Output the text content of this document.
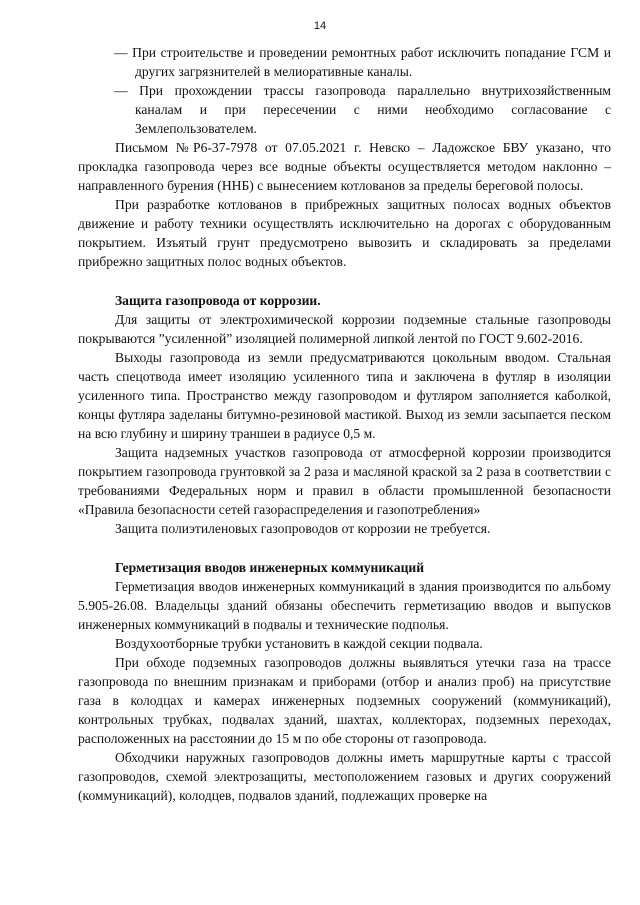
14
— При строительстве и проведении ремонтных работ исключить попадание ГСМ и других загрязнителей в мелиоративные каналы.
— При прохождении трассы газопровода параллельно внутрихозяйственным каналам и при пересечении с ними необходимо согласование с Землепользователем.
Письмом №Р6-37-7978 от 07.05.2021 г. Невско – Ладожское БВУ указано, что прокладка газопровода через все водные объекты осуществляется методом наклонно – направленного бурения (ННБ) с вынесением котлованов за пределы береговой полосы.
При разработке котлованов в прибрежных защитных полосах водных объектов движение и работу техники осуществлять исключительно на дорогах с оборудованным покрытием. Изъятый грунт предусмотрено вывозить и складировать за пределами прибрежно защитных полос водных объектов.
Защита газопровода от коррозии.
Для защиты от электрохимической коррозии подземные стальные газопроводы покрываются ”усиленной” изоляцией полимерной липкой лентой по ГОСТ 9.602-2016.
Выходы газопровода из земли предусматриваются цокольным вводом. Стальная часть спецотвода имеет изоляцию усиленного типа и заключена в футляр в изоляции усиленного типа. Пространство между газопроводом и футляром заполняется каболкой, концы футляра заделаны битумно-резиновой мастикой. Выход из земли засыпается песком на всю глубину и ширину траншеи в радиусе 0,5 м.
Защита надземных участков газопровода от атмосферной коррозии производится покрытием газопровода грунтовкой за 2 раза и масляной краской за 2 раза в соответствии с требованиями Федеральных норм и правил в области промышленной безопасности «Правила безопасности сетей газораспределения и газопотребления»
Защита полиэтиленовых газопроводов от коррозии не требуется.
Герметизация вводов инженерных коммуникаций
Герметизация вводов инженерных коммуникаций в здания производится по альбому 5.905-26.08. Владельцы зданий обязаны обеспечить герметизацию вводов и выпусков инженерных коммуникаций в подвалы и технические подполья.
Воздухоотборные трубки установить в каждой секции подвала.
При обходе подземных газопроводов должны выявляться утечки газа на трассе газопровода по внешним признакам и приборами (отбор и анализ проб) на присутствие газа в колодцах и камерах инженерных подземных сооружений (коммуникаций), контрольных трубках, подвалах зданий, шахтах, коллекторах, подземных переходах, расположенных на расстоянии до 15 м по обе стороны от газопровода.
Обходчики наружных газопроводов должны иметь маршрутные карты с трассой газопроводов, схемой электрозащиты, местоположением газовых и других сооружений (коммуникаций), колодцев, подвалов зданий, подлежащих проверке на
